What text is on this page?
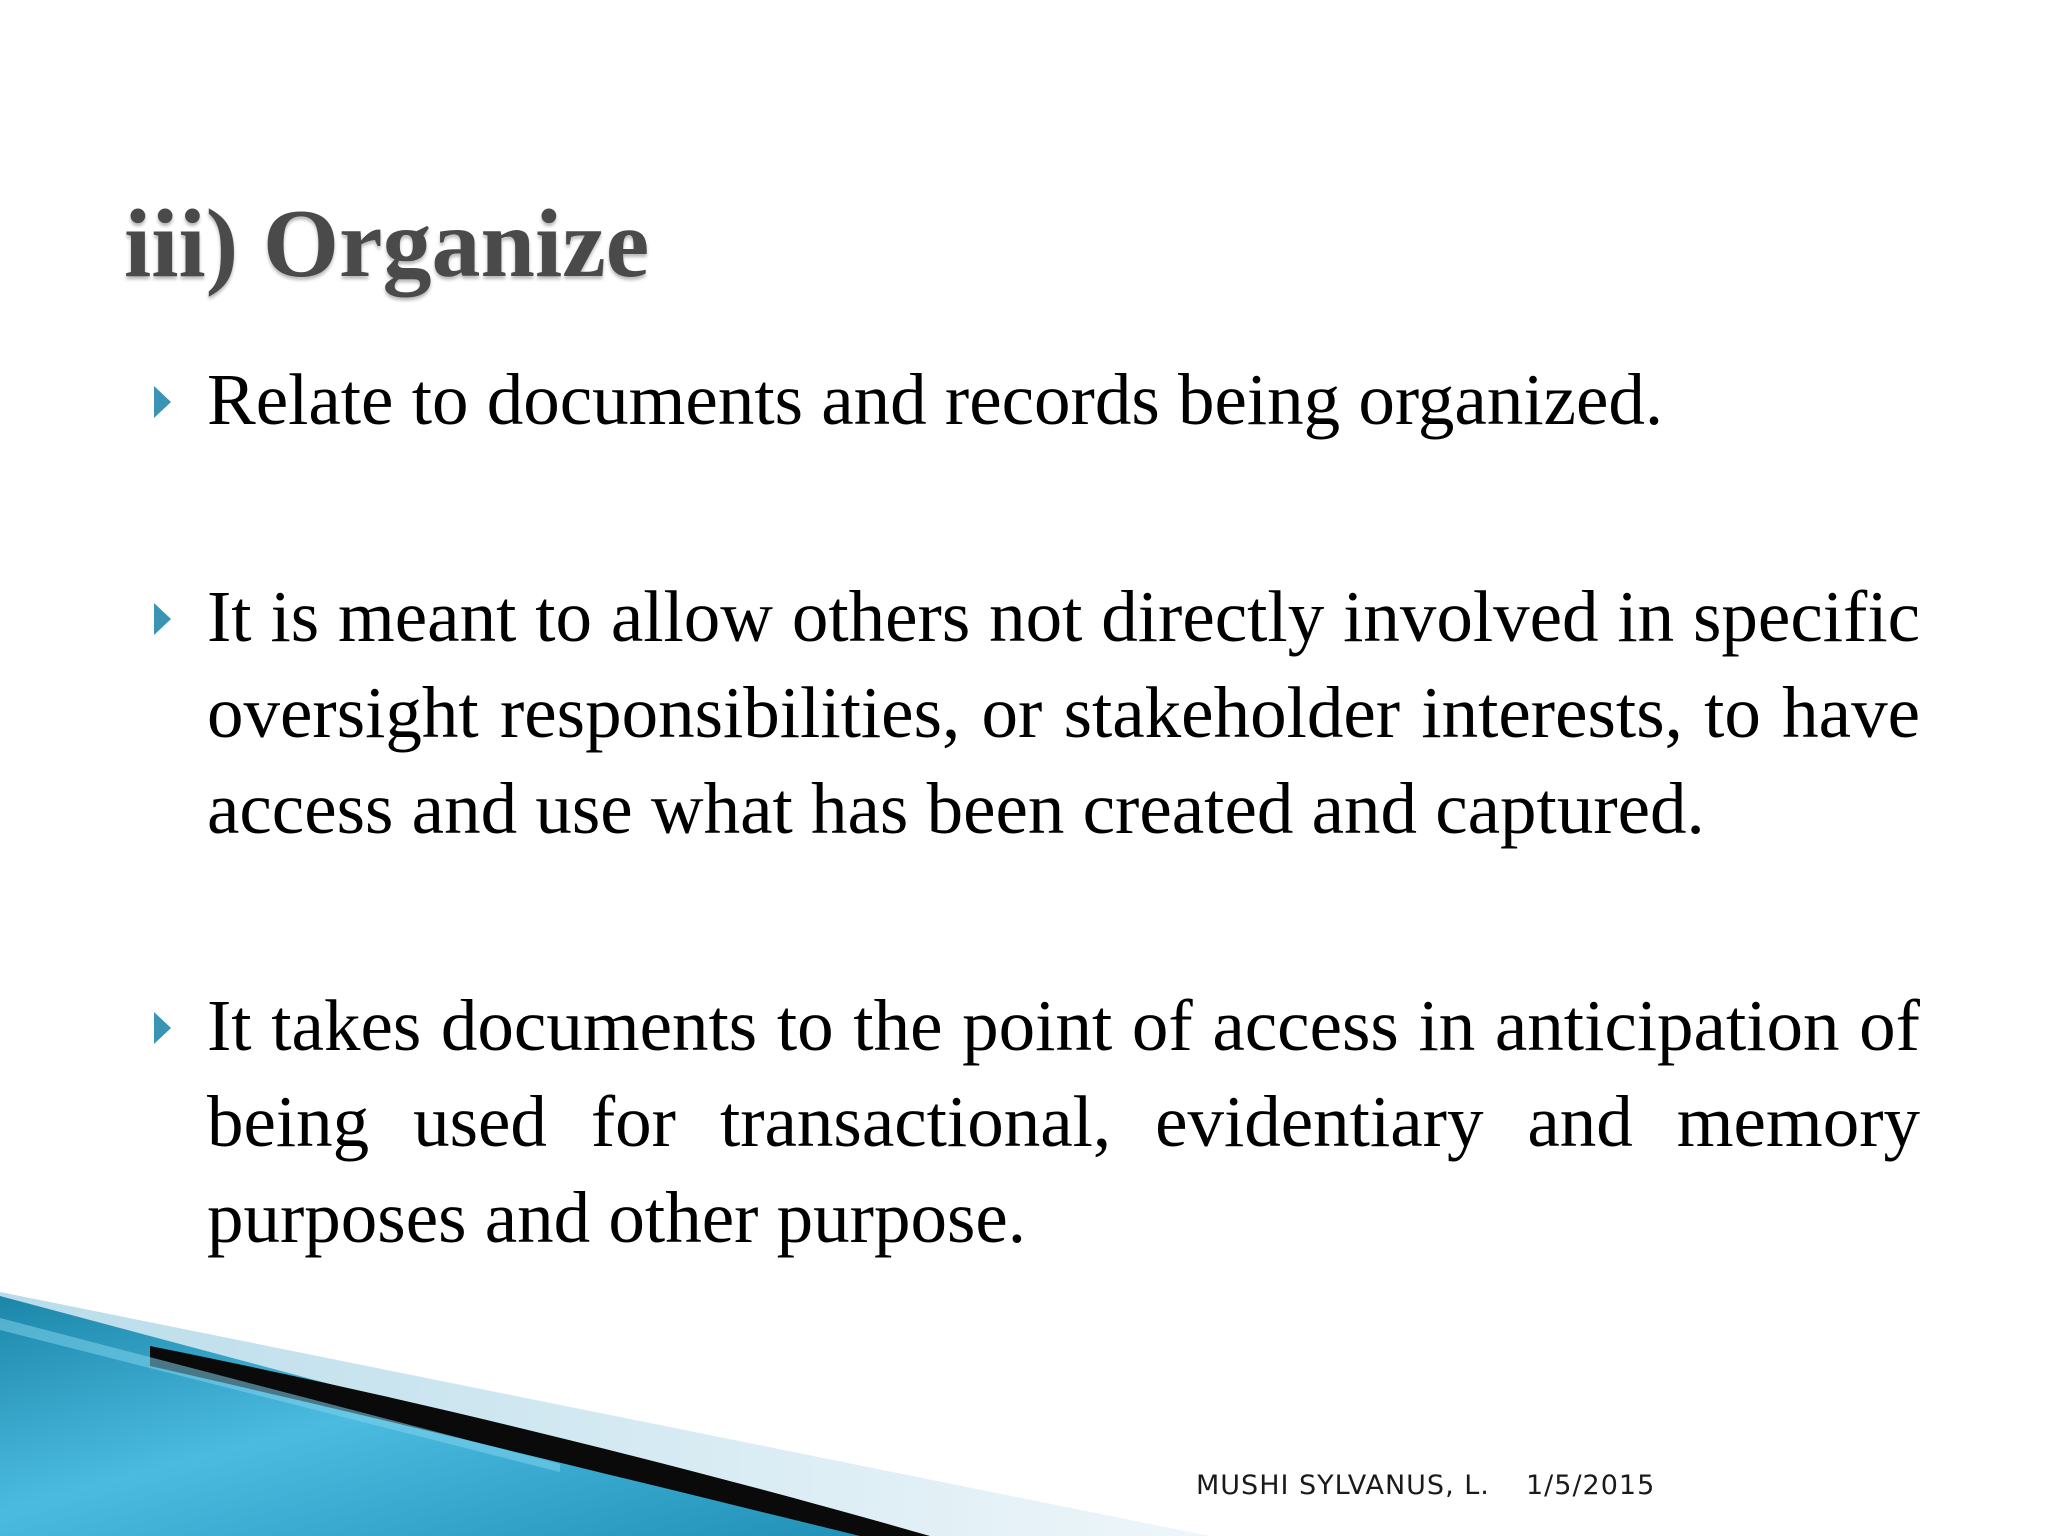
iii) Organize
Relate to documents and records being organized.
It is meant to allow others not directly involved in specific oversight responsibilities, or stakeholder interests, to have access and use what has been created and captured.
It takes documents to the point of access in anticipation of being used for transactional, evidentiary and memory purposes and other purpose.
MUSHI SYLVANUS, L. 1/5/2015
